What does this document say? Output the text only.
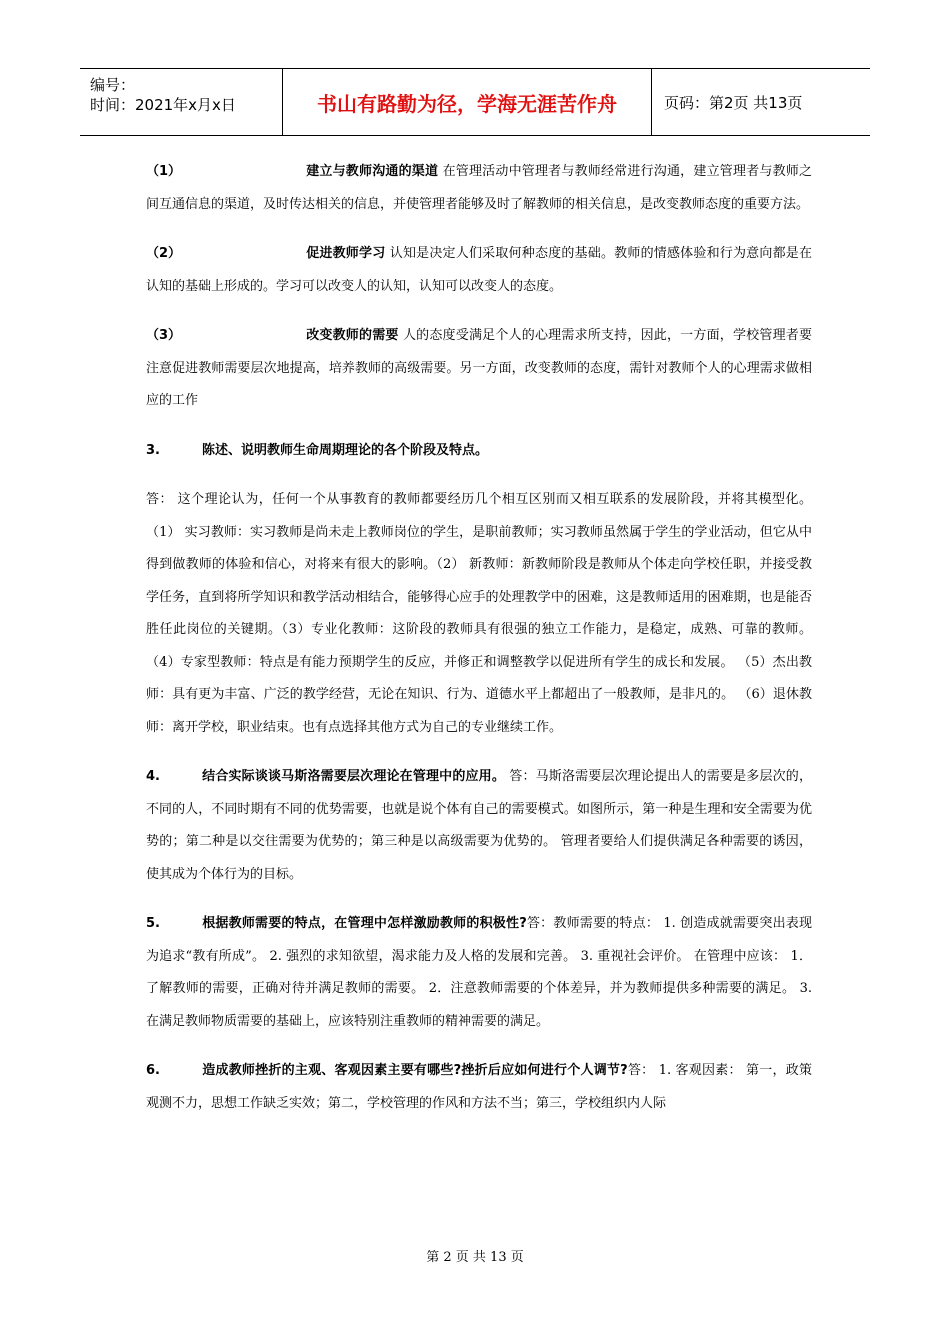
编号：
时间：2021年x月x日	书山有路勤为径，学海无涯苦作舟	页码：第2页 共13页

（1）	建立与教师沟通的渠道 在管理活动中管理者与教师经常进行沟通，建立管理者与教师之间互通信息的渠道，及时传达相关的信息，并使管理者能够及时了解教师的相关信息，是改变教师态度的重要方法。

（2）	促进教师学习 认知是决定人们采取何种态度的基础。教师的情感体验和行为意向都是在认知的基础上形成的。学习可以改变人的认知，认知可以改变人的态度。

（3）	改变教师的需要 人的态度受满足个人的心理需求所支持，因此，一方面，学校管理者要注意促进教师需要层次地提高，培养教师的高级需要。另一方面，改变教师的态度，需针对教师个人的心理需求做相应的工作

3.	陈述、说明教师生命周期理论的各个阶段及特点。

答： 这个理论认为，任何一个从事教育的教师都要经历几个相互区别而又相互联系的发展阶段，并将其模型化。（1） 实习教师：实习教师是尚未走上教师岗位的学生，是职前教师；实习教师虽然属于学生的学业活动，但它从中得到做教师的体验和信心，对将来有很大的影响。（2） 新教师：新教师阶段是教师从个体走向学校任职，并接受教学任务，直到将所学知识和教学活动相结合，能够得心应手的处理教学中的困难，这是教师适用的困难期，也是能否胜任此岗位的关键期。（3）专业化教师：这阶段的教师具有很强的独立工作能力，是稳定，成熟、可靠的教师。 （4）专家型教师：特点是有能力预期学生的反应，并修正和调整教学以促进所有学生的成长和发展。 （5）杰出教师：具有更为丰富、广泛的教学经营，无论在知识、行为、道德水平上都超出了一般教师，是非凡的。 （6）退休教师：离开学校，职业结束。也有点选择其他方式为自己的专业继续工作。

4.	结合实际谈谈马斯洛需要层次理论在管理中的应用。 答：马斯洛需要层次理论提出人的需要是多层次的，不同的人，不同时期有不同的优势需要，也就是说个体有自己的需要模式。如图所示，第一种是生理和安全需要为优势的；第二种是以交往需要为优势的；第三种是以高级需要为优势的。 管理者要给人们提供满足各种需要的诱因，使其成为个体行为的目标。

5.	根据教师需要的特点，在管理中怎样激励教师的积极性?答：教师需要的特点： 1. 创造成就需要突出表现为追求“教有所成”。 2. 强烈的求知欲望，渴求能力及人格的发展和完善。 3. 重视社会评价。 在管理中应该： 1．了解教师的需要，正确对待并满足教师的需要。 2．注意教师需要的个体差异，并为教师提供多种需要的满足。 3. 在满足教师物质需要的基础上，应该特别注重教师的精神需要的满足。

6.	造成教师挫折的主观、客观因素主要有哪些?挫折后应如何进行个人调节?答： 1. 客观因素： 第一，政策观测不力，思想工作缺乏实效；第二，学校管理的作风和方法不当；第三，学校组织内人际

第 2 页 共 13 页
